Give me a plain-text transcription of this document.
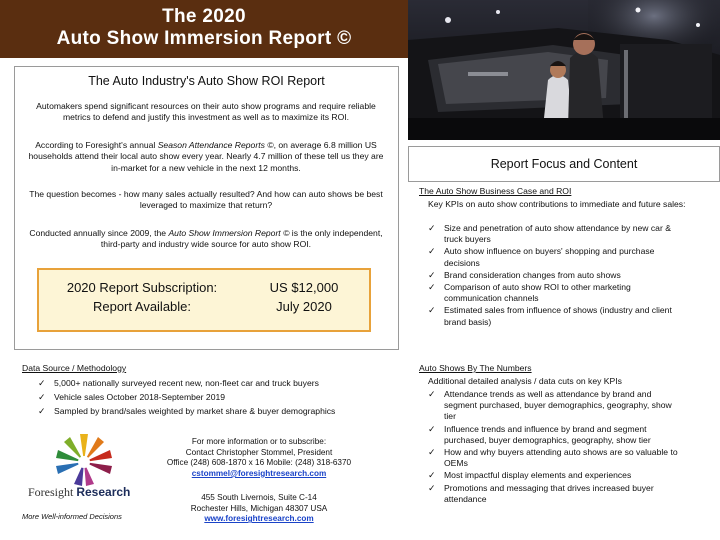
The 2020
Auto Show Immersion Report ©
The Auto Industry's Auto Show ROI Report
Automakers spend significant resources on their auto show programs and require reliable metrics to defend and justify this investment as well as to maximize its ROI.
According to Foresight's annual Season Attendance Reports ©, on average 6.8 million US households attend their local auto show every year. Nearly 4.7 million of these tell us they are in-market for a new vehicle in the next 12 months.
The question becomes - how many sales actually resulted? And how can auto shows be best leveraged to maximize that return?
Conducted annually since 2009, the Auto Show Immersion Report © is the only independent, third-party and industry wide source for auto show ROI.
2020 Report Subscription:
Report Available:
US $12,000
July 2020
Data Source / Methodology
✓ 5,000+ nationally surveyed recent new, non-fleet car and truck buyers
✓ Vehicle sales October 2018-September 2019
✓ Sampled by brand/sales weighted by market share & buyer demographics
Foresight Research
More Well-informed Decisions
For more information or to subscribe:
Contact Christopher Stommel, President
Office (248) 608-1870 x 16 Mobile: (248) 318-6370
cstommel@foresightresearch.com
455 South Livernois, Suite C-14
Rochester Hills, Michigan 48307 USA
www.foresightresearch.com
Report Focus and Content
The Auto Show Business Case and ROI
Key KPIs on auto show contributions to immediate and future sales:
✓ Size and penetration of auto show attendance by new car & truck buyers
✓ Auto show influence on buyers' shopping and purchase decisions
✓ Brand consideration changes from auto shows
✓ Comparison of auto show ROI to other marketing communication channels
✓ Estimated sales from influence of shows (industry and client brand basis)
Auto Shows By The Numbers
Additional detailed analysis / data cuts on key KPIs
✓ Attendance trends as well as attendance by brand and segment purchased, buyer demographics, geography, show tier
✓ Influence trends and influence by brand and segment purchased, buyer demographics, geography, show tier
✓ How and why buyers attending auto shows are so valuable to OEMs
✓ Most impactful display elements and experiences
✓ Promotions and messaging that drives increased buyer attendance
